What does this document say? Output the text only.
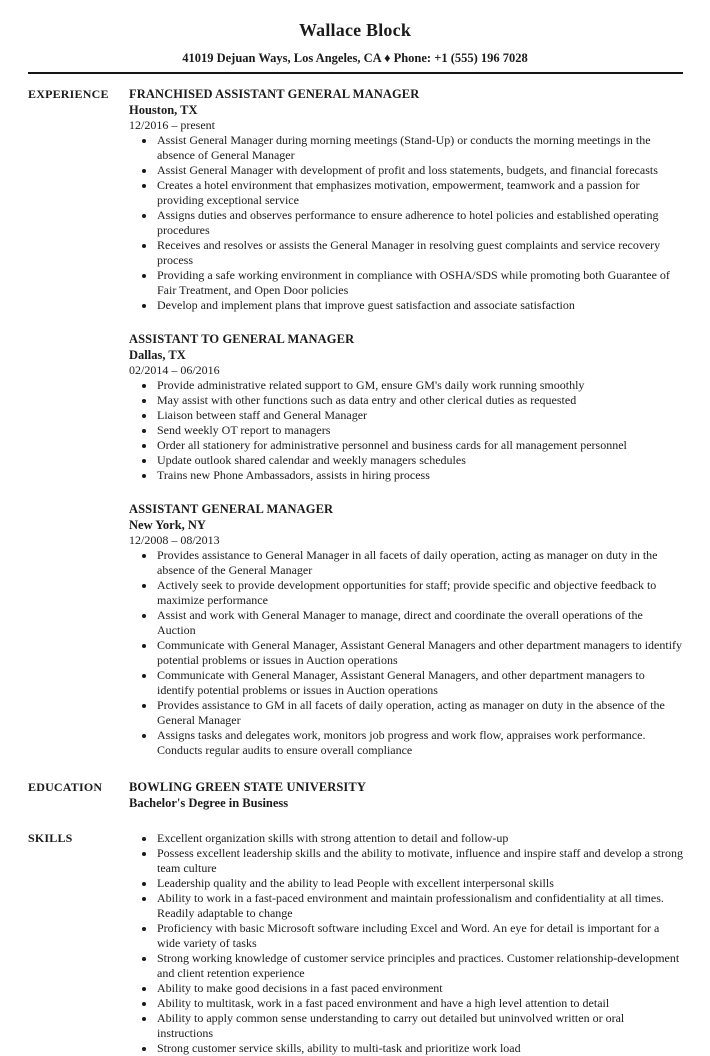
Wallace Block
41019 Dejuan Ways, Los Angeles, CA ♦ Phone: +1 (555) 196 7028
EXPERIENCE	FRANCHISED ASSISTANT GENERAL MANAGER
Houston, TX
12/2016 – present
• Assist General Manager during morning meetings (Stand-Up) or conducts the morning meetings in the absence of General Manager
• Assist General Manager with development of profit and loss statements, budgets, and financial forecasts
• Creates a hotel environment that emphasizes motivation, empowerment, teamwork and a passion for providing exceptional service
• Assigns duties and observes performance to ensure adherence to hotel policies and established operating procedures
• Receives and resolves or assists the General Manager in resolving guest complaints and service recovery process
• Providing a safe working environment in compliance with OSHA/SDS while promoting both Guarantee of Fair Treatment, and Open Door policies
• Develop and implement plans that improve guest satisfaction and associate satisfaction
ASSISTANT TO GENERAL MANAGER
Dallas, TX
02/2014 – 06/2016
• Provide administrative related support to GM, ensure GM's daily work running smoothly
• May assist with other functions such as data entry and other clerical duties as requested
• Liaison between staff and General Manager
• Send weekly OT report to managers
• Order all stationery for administrative personnel and business cards for all management personnel
• Update outlook shared calendar and weekly managers schedules
• Trains new Phone Ambassadors, assists in hiring process
ASSISTANT GENERAL MANAGER
New York, NY
12/2008 – 08/2013
• Provides assistance to General Manager in all facets of daily operation, acting as manager on duty in the absence of the General Manager
• Actively seek to provide development opportunities for staff; provide specific and objective feedback to maximize performance
• Assist and work with General Manager to manage, direct and coordinate the overall operations of the Auction
• Communicate with General Manager, Assistant General Managers and other department managers to identify potential problems or issues in Auction operations
• Communicate with General Manager, Assistant General Managers, and other department managers to identify potential problems or issues in Auction operations
• Provides assistance to GM in all facets of daily operation, acting as manager on duty in the absence of the General Manager
• Assigns tasks and delegates work, monitors job progress and work flow, appraises work performance. Conducts regular audits to ensure overall compliance
EDUCATION	BOWLING GREEN STATE UNIVERSITY
Bachelor's Degree in Business
SKILLS	• Excellent organization skills with strong attention to detail and follow-up
• Possess excellent leadership skills and the ability to motivate, influence and inspire staff and develop a strong team culture
• Leadership quality and the ability to lead People with excellent interpersonal skills
• Ability to work in a fast-paced environment and maintain professionalism and confidentiality at all times. Readily adaptable to change
• Proficiency with basic Microsoft software including Excel and Word. An eye for detail is important for a wide variety of tasks
• Strong working knowledge of customer service principles and practices. Customer relationship-development and client retention experience
• Ability to make good decisions in a fast paced environment
• Ability to multitask, work in a fast paced environment and have a high level attention to detail
• Ability to apply common sense understanding to carry out detailed but uninvolved written or oral instructions
• Strong customer service skills, ability to multi-task and prioritize work load
